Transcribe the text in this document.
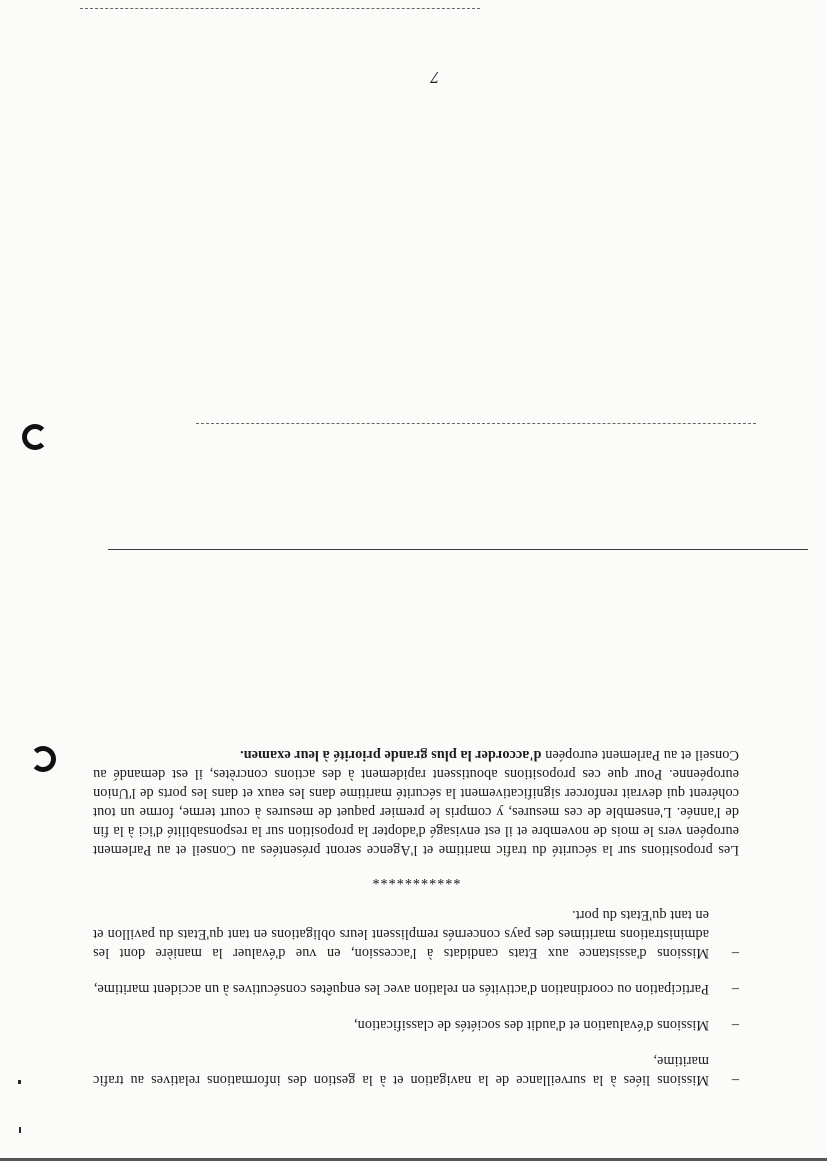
7
–
Missions liées à la surveillance de la navigation et à la gestion des informations relatives au trafic maritime,
–
Missions d'évaluation et d'audit des sociétés de classification,
–
Participation ou coordination d'activités en relation avec les enquêtes consécutives à un accident maritime,
–
Missions d'assistance aux Etats candidats à l'accession, en vue d'évaluer la manière dont les administrations maritimes des pays concernés remplissent leurs obligations en tant qu'Etats du pavillon et en tant qu'Etats du port.
***********
Les propositions sur la sécurité du trafic maritime et l'Agence seront présentées au Conseil et au Parlement européen vers le mois de novembre et il est envisagé d'adopter la proposition sur la responsabilité d'ici à la fin de l'année. L'ensemble de ces mesures, y compris le premier paquet de mesures à court terme, forme un tout cohérent qui devrait renforcer significativement la sécurité maritime dans les eaux et dans les ports de l'Union européenne. Pour que ces propositions aboutissent rapidement à des actions concrètes, il est demandé au Conseil et au Parlement européen d'accorder la plus grande priorité à leur examen.
